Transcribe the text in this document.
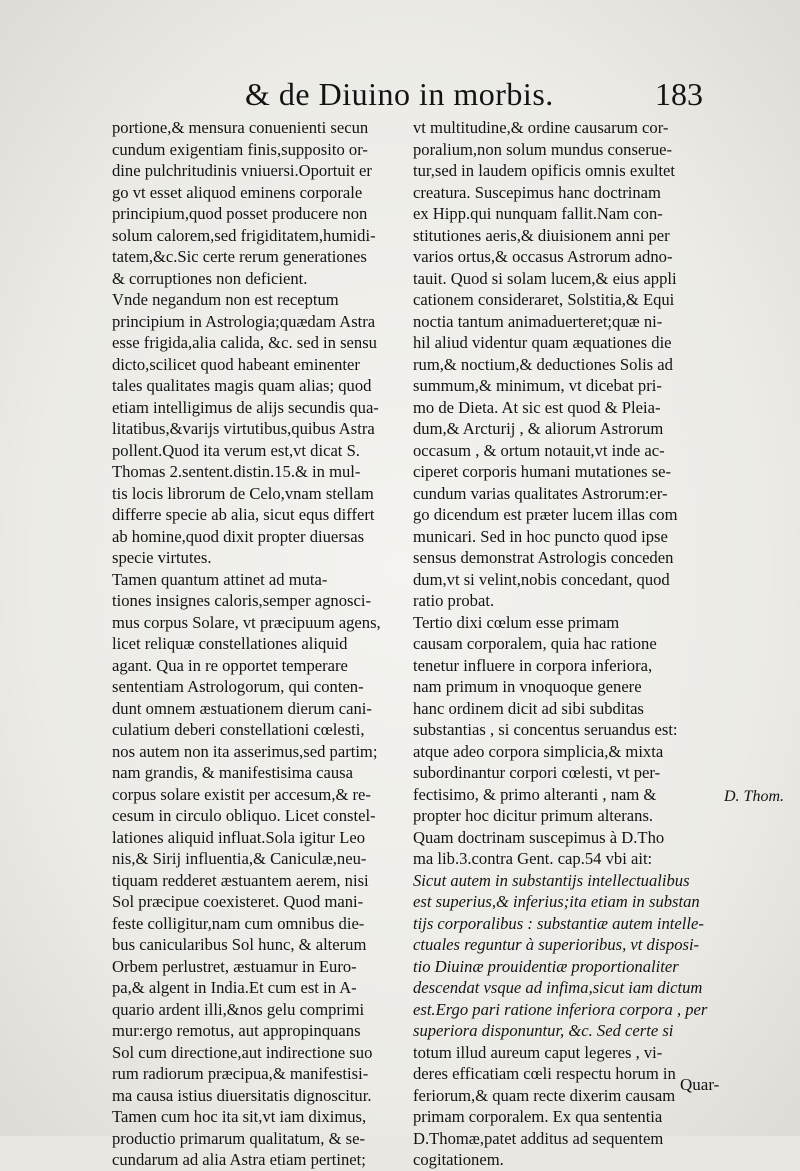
& de Diuino in morbis.	183
portione,& mensura conuenienti secun
cundum exigentiam finis,supposito or-
dine pulchritudinis vniuersi.Oportuit er
go vt esset aliquod eminens corporale
principium,quod posset producere non
solum calorem,sed frigiditatem,humidi-
tatem,&c.Sic certe rerum generationes
& corruptiones non deficient.
Vnde negandum non est receptum
principium in Astrologia;quædam Astra
esse frigida,alia calida, &c. sed in sensu
dicto,scilicet quod habeant eminenter
tales qualitates magis quam alias; quod
etiam intelligimus de alijs secundis qua-
litatibus,&varijs virtutibus,quibus Astra
pollent.Quod ita verum est,vt dicat S.
Thomas 2.sentent.distin.15.& in mul-
tis locis librorum de Celo,vnam stellam
differre specie ab alia, sicut equs differt
ab homine,quod dixit propter diuersas
specie virtutes.
Tamen quantum attinet ad muta-
tiones insignes caloris,semper agnosci-
mus corpus Solare, vt præcipuum agens,
licet reliquæ constellationes aliquid
agant. Qua in re opportet temperare
sententiam Astrologorum, qui conten-
dunt omnem æstuationem dierum cani-
culatium deberi constellationi cœlesti,
nos autem non ita asserimus,sed partim;
nam grandis, & manifestisima causa
corpus solare existit per accesum,& re-
cesum in circulo obliquo. Licet constel-
lationes aliquid influat.Sola igitur Leo
nis,& Sirij influentia,& Caniculæ,neu-
tiquam redderet æstuantem aerem, nisi
Sol præcipue coexisteret. Quod mani-
feste colligitur,nam cum omnibus die-
bus canicularibus Sol hunc, & alterum
Orbem perlustret, æstuamur in Euro-
pa,& algent in India.Et cum est in A-
quario ardent illi,&nos gelu comprimi
mur:ergo remotus, aut appropinquans
Sol cum directione,aut indirectione suo
rum radiorum præcipua,& manifestisi-
ma causa istius diuersitatis dignoscitur.
Tamen cum hoc ita sit,vt iam diximus,
productio primarum qualitatum, & se-
cundarum ad alia Astra etiam pertinet;
vt multitudine,& ordine causarum cor-
poralium,non solum mundus conserue-
tur,sed in laudem opificis omnis exultet
creatura. Suscepimus hanc doctrinam
ex Hipp.qui nunquam fallit.Nam con-
stitutiones aeris,& diuisionem anni per
varios ortus,& occasus Astrorum adno-
tauit. Quod si solam lucem,& eius appli
cationem consideraret, Solstitia,& Equi
noctia tantum animaduerteret;quæ ni-
hil aliud videntur quam æquationes die
rum,& noctium,& deductiones Solis ad
summum,& minimum, vt dicebat pri-
mo de Dieta. At sic est quod & Pleia-
dum,& Arcturij , & aliorum Astrorum
occasum , & ortum notauit,vt inde ac-
ciperet corporis humani mutationes se-
cundum varias qualitates Astrorum:er-
go dicendum est præter lucem illas com
municari. Sed in hoc puncto quod ipse
sensus demonstrat Astrologis conceden
dum,vt si velint,nobis concedant, quod
ratio probat.
Tertio dixi cœlum esse primam
causam corporalem, quia hac ratione
tenetur influere in corpora inferiora,
nam primum in vnoquoque genere
hanc ordinem dicit ad sibi subditas
substantias , si concentus seruandus est:
atque adeo corpora simplicia,& mixta
subordinantur corpori cœlesti, vt per-
fectisimo, & primo alteranti , nam &
propter hoc dicitur primum alterans.
Quam doctrinam suscepimus à D.Tho
ma lib.3.contra Gent. cap.54 vbi ait:
Sicut autem in substantijs intellectualibus
est superius,& inferius;ita etiam in substan
tijs corporalibus : substantiæ autem intelle-
ctuales reguntur à superioribus, vt disposi-
tio Diuinæ prouidentiæ proportionaliter
descendat vsque ad infima,sicut iam dictum
est.Ergo pari ratione inferiora corpora , per
superiora disponuntur, &c. Sed certe si
totum illud aureum caput legeres , vi-
deres efficatiam cœli respectu horum in
feriorum,& quam recte dixerim causam
primam corporalem. Ex qua sententia
D.Thomæ,patet additus ad sequentem
cogitationem.
D. Thom.
Quar-
